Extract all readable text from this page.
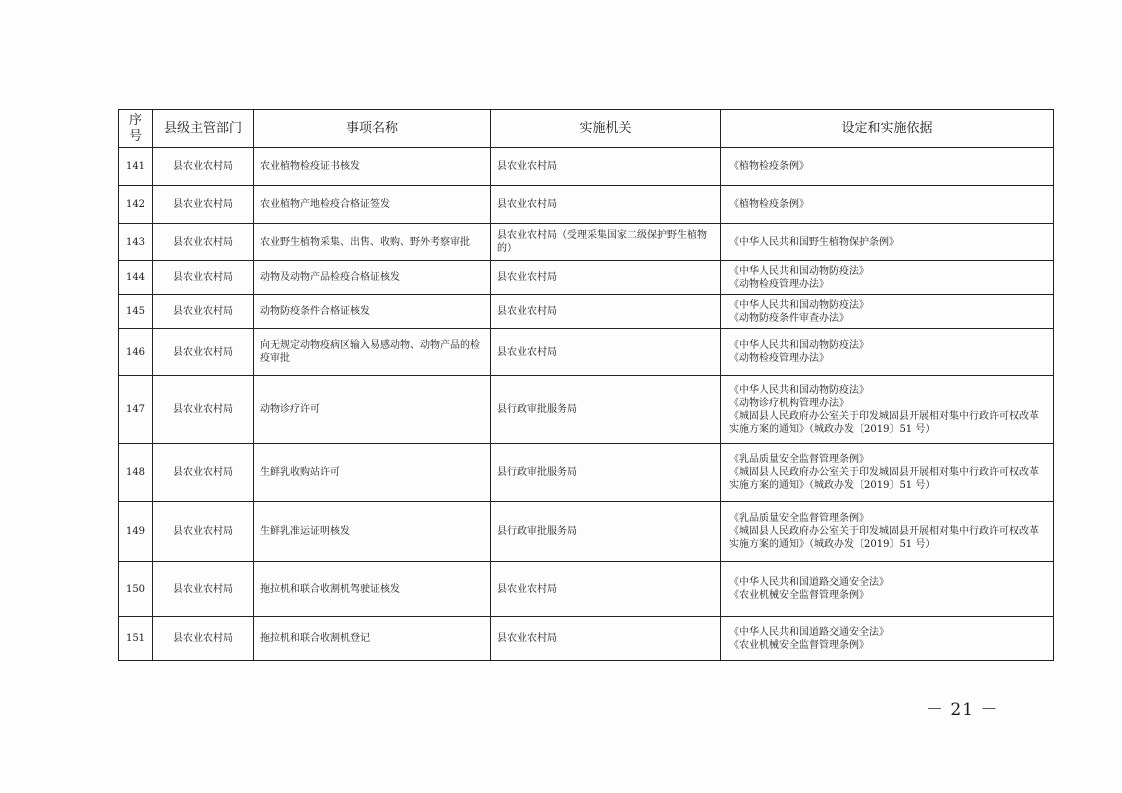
序
号	县级主管部门	事项名称	实施机关	设定和实施依据
141	县农业农村局	农业植物检疫证书核发	县农业农村局	《植物检疫条例》

142	县农业农村局	农业植物产地检疫合格证签发	县农业农村局	《植物检疫条例》

143	县农业农村局	农业野生植物采集、出售、收购、野外考察审批	县农业农村局（受理采集国家二级保护野生植物的）	《中华人民共和国野生植物保护条例》

144	县农业农村局	动物及动物产品检疫合格证核发	县农业农村局	《中华人民共和国动物防疫法》
《动物检疫管理办法》

145	县农业农村局	动物防疫条件合格证核发	县农业农村局	《中华人民共和国动物防疫法》
《动物防疫条件审查办法》

146	县农业农村局	向无规定动物疫病区输入易感动物、动物产品的检疫审批	县农业农村局	《中华人民共和国动物防疫法》
《动物检疫管理办法》

147	县农业农村局	动物诊疗许可	县行政审批服务局	《中华人民共和国动物防疫法》
《动物诊疗机构管理办法》
《城固县人民政府办公室关于印发城固县开展相对集中行政许可权改革实施方案的通知》（城政办发〔2019〕51 号）

148	县农业农村局	生鲜乳收购站许可	县行政审批服务局	《乳品质量安全监督管理条例》
《城固县人民政府办公室关于印发城固县开展相对集中行政许可权改革实施方案的通知》（城政办发〔2019〕51 号）

149	县农业农村局	生鲜乳准运证明核发	县行政审批服务局	《乳品质量安全监督管理条例》
《城固县人民政府办公室关于印发城固县开展相对集中行政许可权改革实施方案的通知》（城政办发〔2019〕51 号）

150	县农业农村局	拖拉机和联合收割机驾驶证核发	县农业农村局	《中华人民共和国道路交通安全法》
《农业机械安全监督管理条例》

151	县农业农村局	拖拉机和联合收割机登记	县农业农村局	《中华人民共和国道路交通安全法》
《农业机械安全监督管理条例》
－ 21 －
